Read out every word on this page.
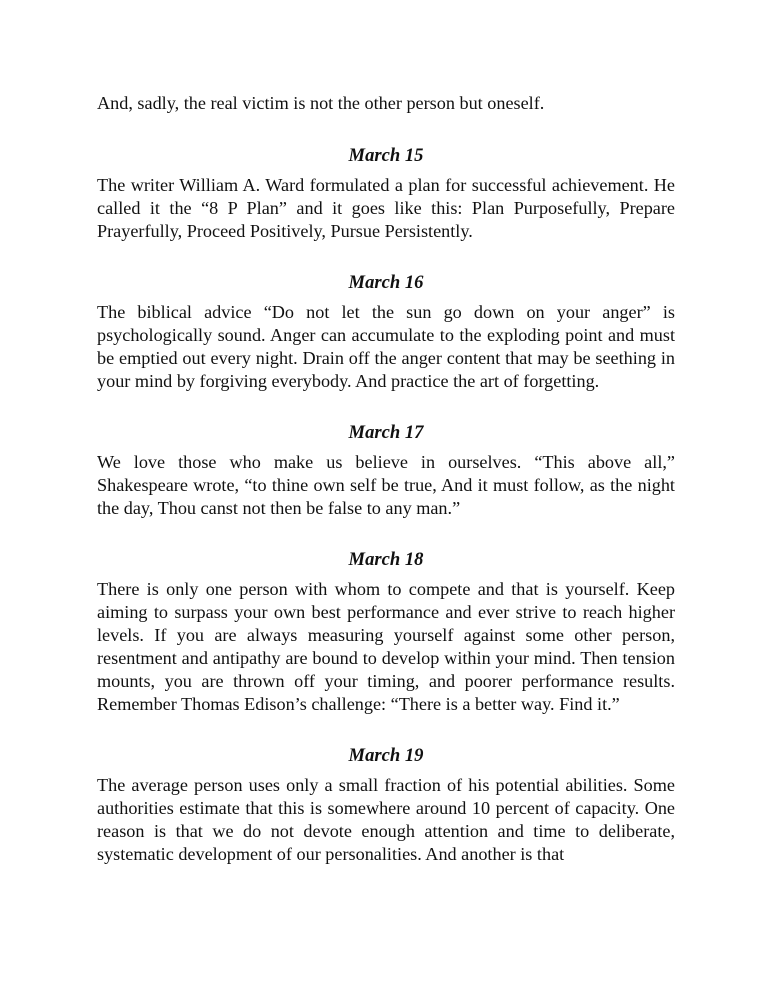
And, sadly, the real victim is not the other person but oneself.

March 15

The writer William A. Ward formulated a plan for successful achievement. He called it the “8 P Plan” and it goes like this: Plan Purposefully, Prepare Prayerfully, Proceed Positively, Pursue Persistently.

March 16

The biblical advice “Do not let the sun go down on your anger” is psychologically sound. Anger can accumulate to the exploding point and must be emptied out every night. Drain off the anger content that may be seething in your mind by forgiving everybody. And practice the art of forgetting.

March 17

We love those who make us believe in ourselves. “This above all,” Shakespeare wrote, “to thine own self be true, And it must follow, as the night the day, Thou canst not then be false to any man.”

March 18

There is only one person with whom to compete and that is yourself. Keep aiming to surpass your own best performance and ever strive to reach higher levels. If you are always measuring yourself against some other person, resentment and antipathy are bound to develop within your mind. Then tension mounts, you are thrown off your timing, and poorer performance results. Remember Thomas Edison’s challenge: “There is a better way. Find it.”

March 19

The average person uses only a small fraction of his potential abilities. Some authorities estimate that this is somewhere around 10 percent of capacity. One reason is that we do not devote enough attention and time to deliberate, systematic development of our personalities. And another is that
